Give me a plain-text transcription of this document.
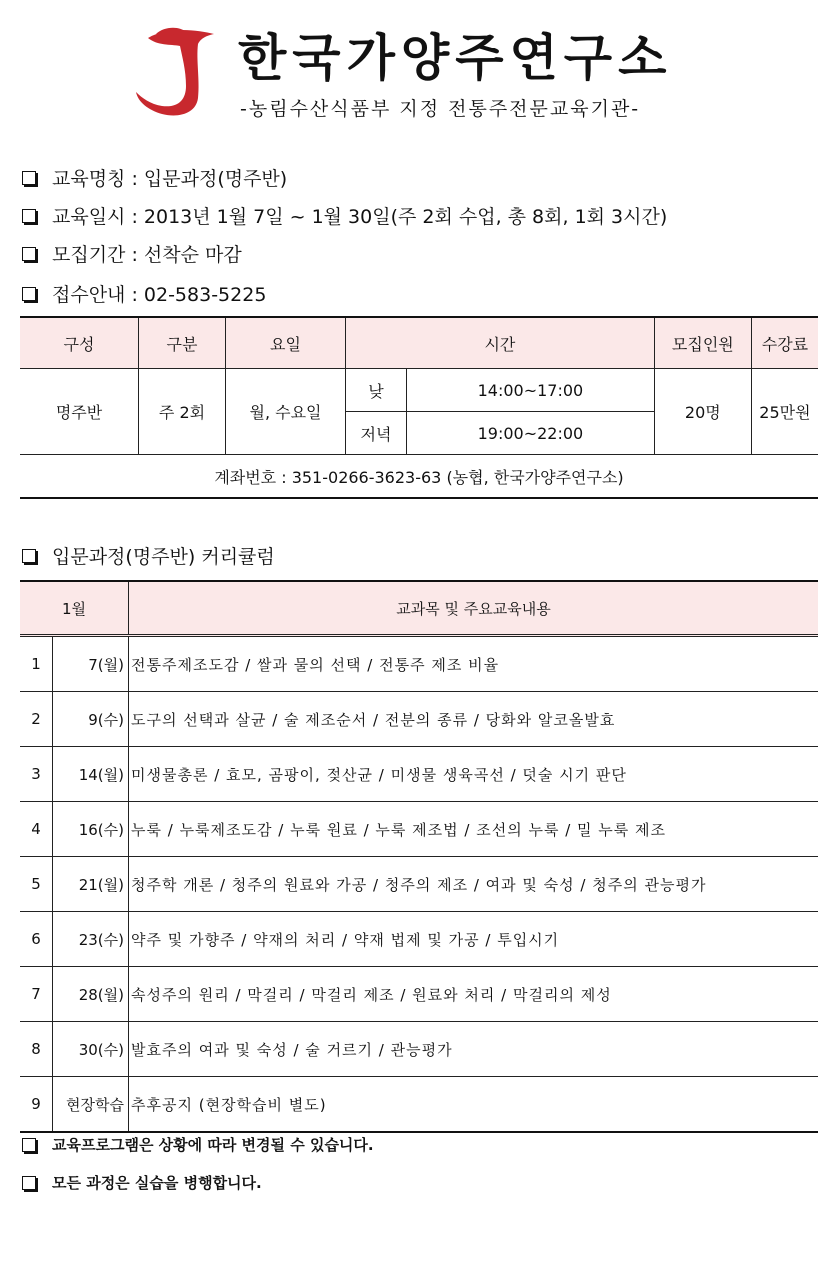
한국가양주연구소
-농림수산식품부 지정 전통주전문교육기관-
교육명칭 : 입문과정(명주반)
교육일시 : 2013년 1월 7일 ~ 1월 30일(주 2회 수업, 총 8회, 1회 3시간)
모집기간 : 선착순 마감
접수안내 : 02-583-5225
구성	구분	요일	시간		모집인원	수강료
명주반	주 2회	월, 수요일	낮	14:00~17:00	20명	25만원
			저녁	19:00~22:00		
계좌번호 : 351-0266-3623-63 (농협, 한국가양주연구소)						
입문과정(명주반) 커리큘럼
1월		교과목 및 주요교육내용
1	7(월)	전통주제조도감 / 쌀과 물의 선택 / 전통주 제조 비율
2	9(수)	도구의 선택과 살균 / 술 제조순서 / 전분의 종류 / 당화와 알코올발효
3	14(월)	미생물총론 / 효모, 곰팡이, 젖산균 / 미생물 생육곡선 / 덧술 시기 판단
4	16(수)	누룩 / 누룩제조도감 / 누룩 원료 / 누룩 제조법 / 조선의 누룩 / 밀 누룩 제조
5	21(월)	청주학 개론 / 청주의 원료와 가공 / 청주의 제조 / 여과 및 숙성 / 청주의 관능평가
6	23(수)	약주 및 가향주 / 약재의 처리 / 약재 법제 및 가공 / 투입시기
7	28(월)	속성주의 원리 / 막걸리 / 막걸리 제조 / 원료와 처리 / 막걸리의 제성
8	30(수)	발효주의 여과 및 숙성 / 술 거르기 / 관능평가
9	현장학습	추후공지 (현장학습비 별도)
교육프로그램은 상황에 따라 변경될 수 있습니다.
모든 과정은 실습을 병행합니다.
